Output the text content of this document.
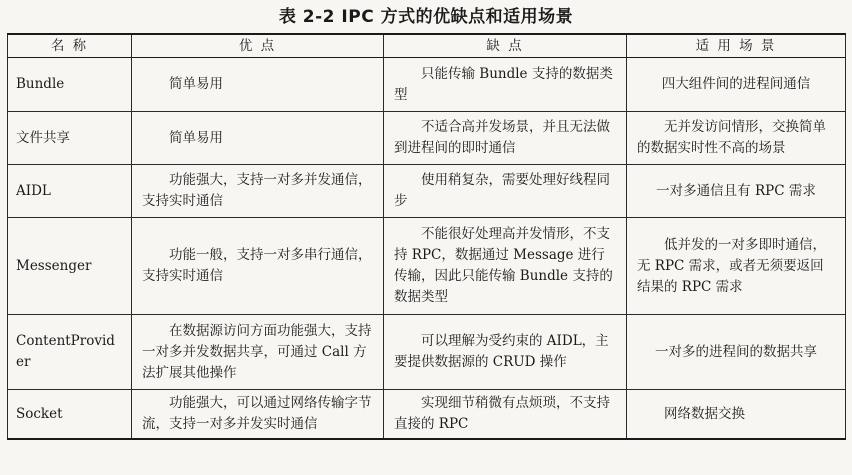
表 2-2 IPC 方式的优缺点和适用场景
名 称	优 点	缺 点	适 用 场 景
Bundle	简单易用	只能传输 Bundle 支持的数据类型	四大组件间的进程间通信
文件共享	简单易用	不适合高并发场景，并且无法做到进程间的即时通信	无并发访问情形，交换简单的数据实时性不高的场景
AIDL	功能强大，支持一对多并发通信，支持实时通信	使用稍复杂，需要处理好线程同步	一对多通信且有 RPC 需求
Messenger	功能一般，支持一对多串行通信，支持实时通信	不能很好处理高并发情形，不支持 RPC，数据通过 Message 进行传输，因此只能传输 Bundle 支持的数据类型	低并发的一对多即时通信，无 RPC 需求，或者无须要返回结果的 RPC 需求
ContentProvider	在数据源访问方面功能强大，支持一对多并发数据共享，可通过 Call 方法扩展其他操作	可以理解为受约束的 AIDL，主要提供数据源的 CRUD 操作	一对多的进程间的数据共享
Socket	功能强大，可以通过网络传输字节流，支持一对多并发实时通信	实现细节稍微有点烦琐，不支持直接的 RPC	网络数据交换
